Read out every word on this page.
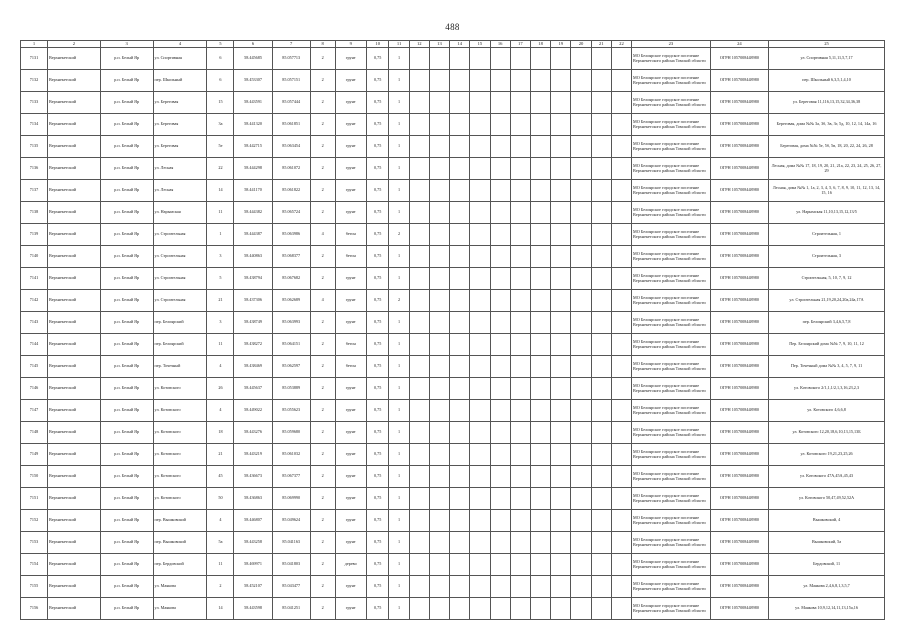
488
1	2	3	4	5	6	7	8	9	10	11	12	13	14	15	16	17	18	19	20	21	22	23	24	25
7131	Верхнекетский	р.п. Белый Яр	ул. Спортивная	6	58.445685	85.057713	2	грунт	0,75	1												МО Белоярское городское поселение Верхнекетского района Томской области	ОГРН 1057008448980	ул. Спортивная 5,11,11,5,7,17
7132	Верхнекетский	р.п. Белый Яр	пер. Школьный	6	58.453307	85.057151	2	грунт	0,75	1												МО Белоярское городское поселение Верхнекетского района Томской области	ОГРН 1057008448980	пер. Школьный 6,3,5,1,4,10
7133	Верхнекетский	р.п. Белый Яр	ул. Береговая	15	58.443591	85.057444	2	грунт	0,75	1												МО Белоярское городское поселение Верхнекетского района Томской области	ОГРН 1057008448980	ул. Береговая 11,116,13,15,32,34,36,38
7134	Верхнекетский	р.п. Белый Яр	ул. Береговая	3а	58.441320	85.061851	2	грунт	0,75	1												МО Белоярское городское поселение Верхнекетского района Томской области	ОГРН 1057008448980	Береговая, дома №№ 3а, 3б, 3в, 3г, 5д, 10, 12, 14, 14а, 16
7135	Верхнекетский	р.п. Белый Яр	ул. Береговая	5е	58.442715	85.063454	2	грунт	0,75	1												МО Белоярское городское поселение Верхнекетского района Томской области	ОГРН 1057008448980	Береговая, дома №№ 5е, 5б, 5в, 18, 20, 22, 24, 26, 28
7136	Верхнекетский	р.п. Белый Яр	ул. Лесная	22	58.444298	85.061072	2	грунт	0,75	1												МО Белоярское городское поселение Верхнекетского района Томской области	ОГРН 1057008448980	Лесная, дома №№ 17, 18, 19, 20, 21, 21а, 22, 23, 24, 25, 26, 27, 29
7137	Верхнекетский	р.п. Белый Яр	ул. Лесная	14	58.441170	85.061822	2	грунт	0,75	1												МО Белоярское городское поселение Верхнекетского района Томской области	ОГРН 1057008448980	Лесная, дома №№ 1, 1а, 2, 3, 4, 5, 6, 7, 8, 9, 10, 11, 12, 13, 14, 15, 16
7138	Верхнекетский	р.п. Белый Яр	ул. Нарымская	11	58.444382	85.065724	2	грунт	0,75	1												МО Белоярское городское поселение Верхнекетского района Томской области	ОГРН 1057008448980	ул. Нарымская 11,10,13,15,12,13/5
7139	Верхнекетский	р.п. Белый Яр	ул. Строительная	1	58.444387	85.063986	4	бетон	0,75	2												МО Белоярское городское поселение Верхнекетского района Томской области	ОГРН 1057008448980	Строительная, 1
7140	Верхнекетский	р.п. Белый Яр	ул. Строительная	3	58.440863	85.068377	2	бетон	0,75	1												МО Белоярское городское поселение Верхнекетского района Томской области	ОГРН 1057008448980	Строительная, 3
7141	Верхнекетский	р.п. Белый Яр	ул. Строительная	5	58.438794	85.067682	2	грунт	0,75	1												МО Белоярское городское поселение Верхнекетского района Томской области	ОГРН 1057008448980	Строительная, 5, 10, 7, 9, 12
7142	Верхнекетский	р.п. Белый Яр	ул. Строительная	21	58.437306	85.062689	4	грунт	0,75	2												МО Белоярское городское поселение Верхнекетского района Томской области	ОГРН 1057008448980	ул. Строительная 21,19,20,24,20а,24а,17А
7143	Верхнекетский	р.п. Белый Яр	пер. Белоярский	3	58.438749	85.063993	2	грунт	0,75	1												МО Белоярское городское поселение Верхнекетского района Томской области	ОГРН 1057008448980	пер. Белоярский 3,4,6,5,7,8
7144	Верхнекетский	р.п. Белый Яр	пер. Белоярский	11	58.438272	85.064151	2	бетон	0,75	1												МО Белоярское городское поселение Верхнекетского района Томской области	ОГРН 1057008448980	Пер. Белоярский дома №№ 7, 9, 10, 11, 12
7145	Верхнекетский	р.п. Белый Яр	пер. Точечный	4	58.438469	85.062597	2	бетон	0,75	1												МО Белоярское городское поселение Верхнекетского района Томской области	ОГРН 1057008448980	Пер. Точечный дома №№ 3, 4, 5, 7, 9, 11
7146	Верхнекетский	р.п. Белый Яр	ул. Котовского	26	58.445637	85.053889	2	грунт	0,75	1												МО Белоярское городское поселение Верхнекетского района Томской области	ОГРН 1057008448980	ул. Котовского 2/1,1,1/2,1,3,16,23,2,3
7147	Верхнекетский	р.п. Белый Яр	ул. Котовского	4	58.449022	85.055623	2	грунт	0,75	1												МО Белоярское городское поселение Верхнекетского района Томской области	ОГРН 1057008448980	ул. Котовского 4,6,6,8
7148	Верхнекетский	р.п. Белый Яр	ул. Котовского	18	58.443276	85.059680	2	грунт	0,75	1												МО Белоярское городское поселение Верхнекетского района Томской области	ОГРН 1057008448980	ул. Котовского 12,20,18,6,10,13,15,13Б
7149	Верхнекетский	р.п. Белый Яр	ул. Котовского	21	58.443219	85.061032	2	грунт	0,75	1												МО Белоярское городское поселение Верхнекетского района Томской области	ОГРН 1057008448980	ул. Котовского 19,21,23,25,26
7150	Верхнекетский	р.п. Белый Яр	ул. Котовского	45	58.436673	85.067377	2	грунт	0,75	1												МО Белоярское городское поселение Верхнекетского района Томской области	ОГРН 1057008448980	ул. Котовского 47А,45А,45,43
7151	Верхнекетский	р.п. Белый Яр	ул. Котовского	50	58.436863	85.069990	2	грунт	0,75	1												МО Белоярское городское поселение Верхнекетского района Томской области	ОГРН 1057008448980	ул. Котовского 50,47,49,52,52А
7152	Верхнекетский	р.п. Белый Яр	пер. Вышковский	4	58.446807	85.049624	2	грунт	0,75	1												МО Белоярское городское поселение Верхнекетского района Томской области	ОГРН 1057008448980	Вышковский, 4
7153	Верхнекетский	р.п. Белый Яр	пер. Вышковский	5а	58.443258	85.041163	2	грунт	0,75	1												МО Белоярское городское поселение Верхнекетского района Томской области	ОГРН 1057008448980	Вышковский, 5а
7154	Верхнекетский	р.п. Белый Яр	пер. Бердовский	11	58.469971	85.041803	2	дерево	0,75	1												МО Белоярское городское поселение Верхнекетского района Томской области	ОГРН 1057008448980	Бердовский, 11
7155	Верхнекетский	р.п. Белый Яр	ул. Маякова	2	58.452107	85.043477	2	грунт	0,75	1												МО Белоярское городское поселение Верхнекетского района Томской области	ОГРН 1057008448980	ул. Маякова 2,4,6,8,1,3,5,7
7156	Верхнекетский	р.п. Белый Яр	ул. Маякова	14	58.443598	85.041251	2	грунт	0,75	1												МО Белоярское городское поселение Верхнекетского района Томской области	ОГРН 1057008448980	ул. Маякова 10,9,12,14,11,13,15а,16
